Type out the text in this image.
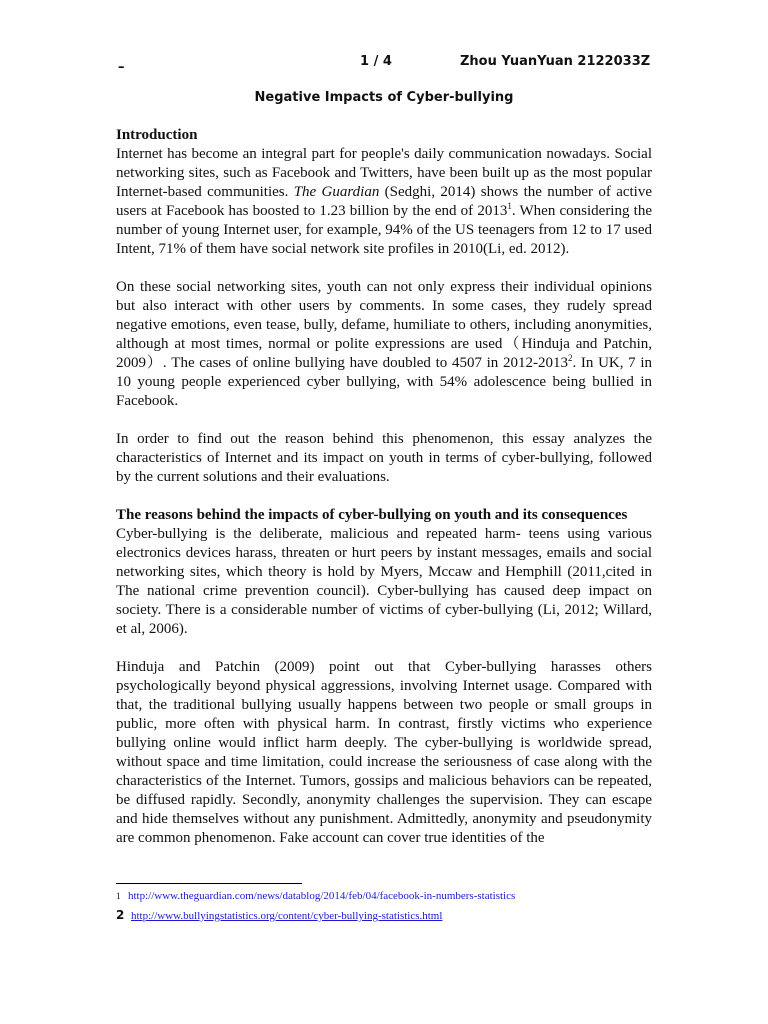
–	1 / 4	Zhou YuanYuan 2122033Z
Negative Impacts of Cyber-bullying
Introduction

Internet has become an integral part for people's daily communication nowadays. Social networking sites, such as Facebook and Twitters, have been built up as the most popular Internet-based communities. The Guardian (Sedghi, 2014) shows the number of active users at Facebook has boosted to 1.23 billion by the end of 2013$^1$. When considering the number of young Internet user, for example, 94% of the US teenagers from 12 to 17 used Intent, 71% of them have social network site profiles in 2010(Li, ed. 2012).

On these social networking sites, youth can not only express their individual opinions but also interact with other users by comments. In some cases, they rudely spread negative emotions, even tease, bully, defame, humiliate to others, including anonymities, although at most times, normal or polite expressions are used（Hinduja and Patchin, 2009）. The cases of online bullying have doubled to 4507 in 2012-2013$^2$. In UK, 7 in 10 young people experienced cyber bullying, with 54% adolescence being bullied in Facebook.

In order to find out the reason behind this phenomenon, this essay analyzes the characteristics of Internet and its impact on youth in terms of cyber-bullying, followed by the current solutions and their evaluations.

The reasons behind the impacts of cyber-bullying on youth and its consequences

Cyber-bullying is the deliberate, malicious and repeated harm- teens using various electronics devices harass, threaten or hurt peers by instant messages, emails and social networking sites, which theory is hold by Myers, Mccaw and Hemphill (2011,cited in The national crime prevention council). Cyber-bullying has caused deep impact on society. There is a considerable number of victims of cyber-bullying (Li, 2012; Willard, et al, 2006).

Hinduja and Patchin (2009) point out that Cyber-bullying harasses others psychologically beyond physical aggressions, involving Internet usage. Compared with that, the traditional bullying usually happens between two people or small groups in public, more often with physical harm. In contrast, firstly victims who experience bullying online would inflict harm deeply. The cyber-bullying is worldwide spread, without space and time limitation, could increase the seriousness of case along with the characteristics of the Internet. Tumors, gossips and malicious behaviors can be repeated, be diffused rapidly. Secondly, anonymity challenges the supervision. They can escape and hide themselves without any punishment. Admittedly, anonymity and pseudonymity are common phenomenon. Fake account can cover true identities of the

1 http://www.theguardian.com/news/datablog/2014/feb/04/facebook-in-numbers-statistics
2 http://www.bullyingstatistics.org/content/cyber-bullying-statistics.html
